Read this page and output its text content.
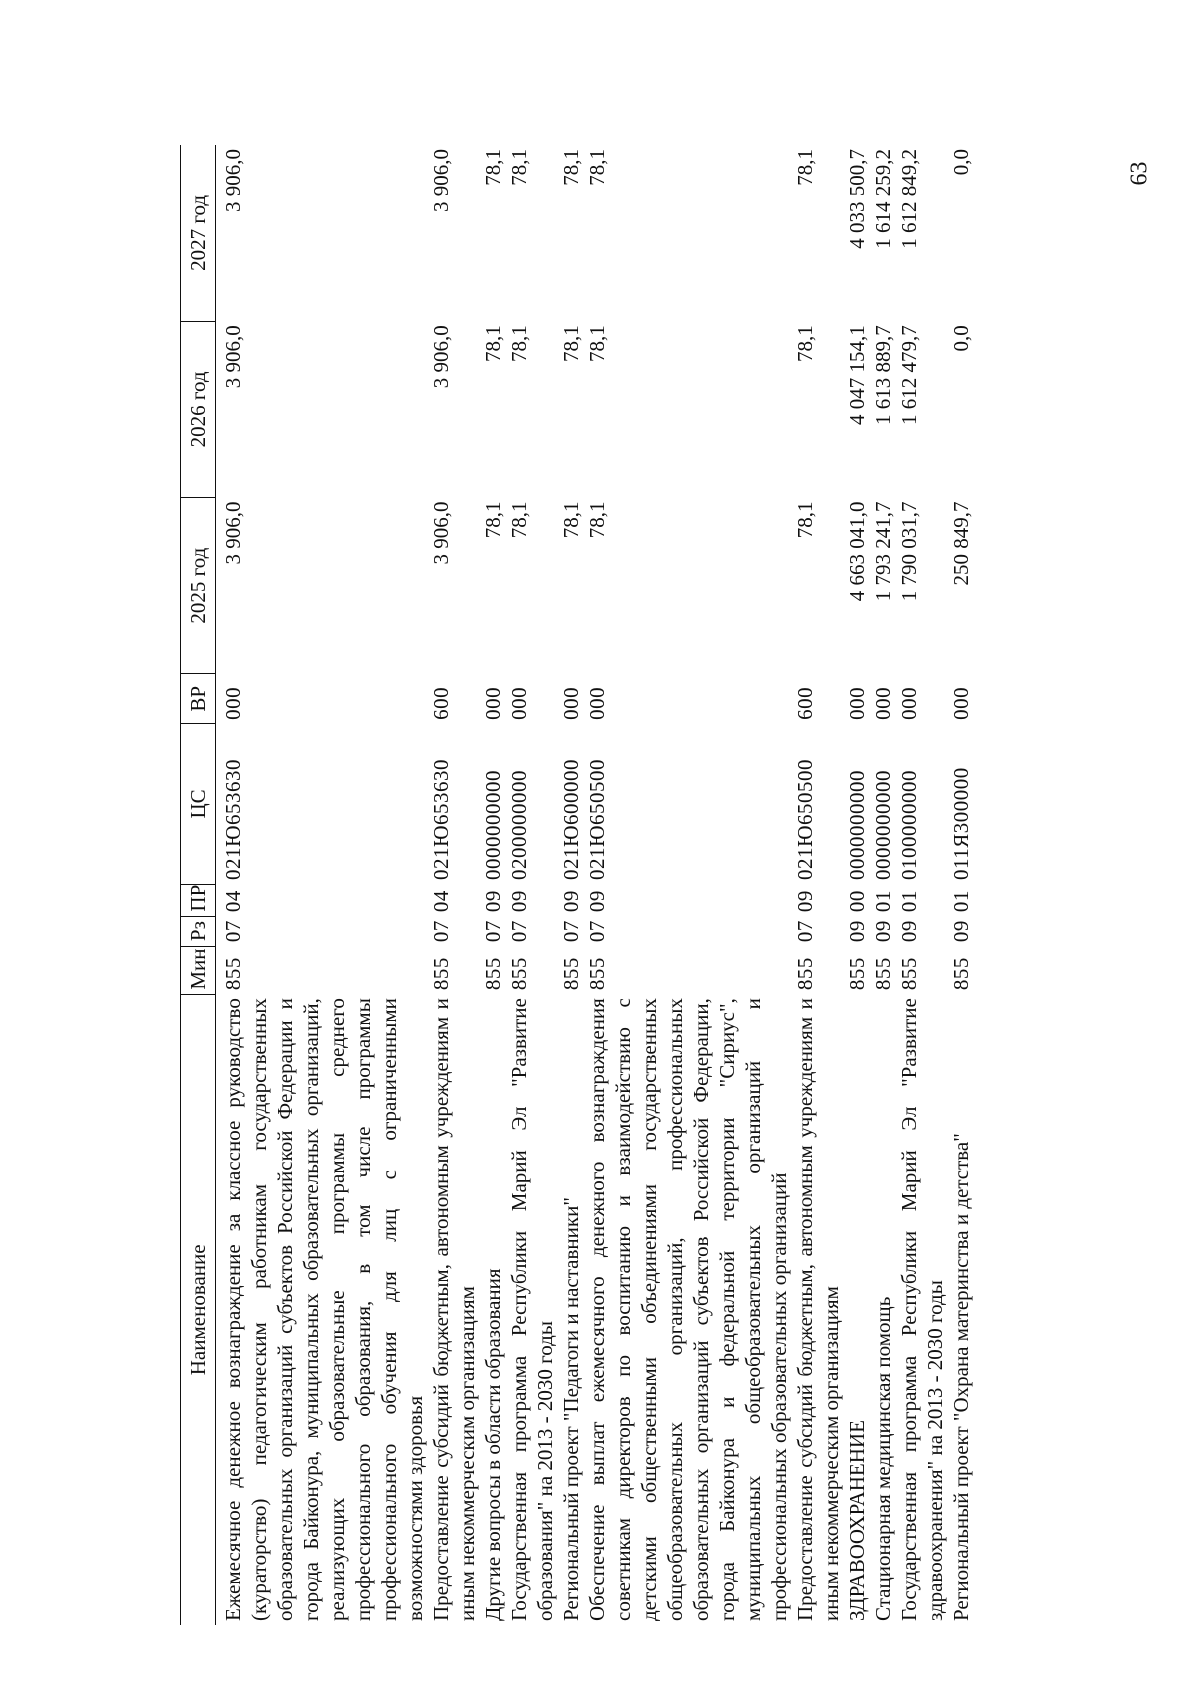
63
Наименование	Мин	Рз	ПР	ЦС	ВР	2025 год	2026 год	2027 год
Ежемесячное денежное вознаграждение за классное руководство (кураторство) педагогическим работникам государственных образовательных организаций субъектов Российской Федерации и города Байконура, муниципальных образовательных организаций, реализующих образовательные программы среднего профессионального образования, в том числе программы профессионального обучения для лиц с ограниченными возможностями здоровья	855	07	04	021Ю653630	000	3 906,0	3 906,0	3 906,0
Предоставление субсидий бюджетным, автономным учреждениям и иным некоммерческим организациям	855	07	04	021Ю653630	600	3 906,0	3 906,0	3 906,0
Другие вопросы в области образования	855	07	09	0000000000	000	78,1	78,1	78,1
Государственная программа Республики Марий Эл "Развитие образования" на 2013 - 2030 годы	855	07	09	0200000000	000	78,1	78,1	78,1
Региональный проект "Педагоги и наставники"	855	07	09	021Ю600000	000	78,1	78,1	78,1
Обеспечение выплат ежемесячного денежного вознаграждения советникам директоров по воспитанию и взаимодействию с детскими общественными объединениями государственных общеобразовательных организаций, профессиональных образовательных организаций субъектов Российской Федерации, города Байконура и федеральной территории "Сириус", муниципальных общеобразовательных организаций и профессиональных образовательных организаций	855	07	09	021Ю650500	000	78,1	78,1	78,1
Предоставление субсидий бюджетным, автономным учреждениям и иным некоммерческим организациям	855	07	09	021Ю650500	600	78,1	78,1	78,1
ЗДРАВООХРАНЕНИЕ	855	09	00	0000000000	000	4 663 041,0	4 047 154,1	4 033 500,7
Стационарная медицинская помощь	855	09	01	0000000000	000	1 793 241,7	1 613 889,7	1 614 259,2
Государственная программа Республики Марий Эл "Развитие здравоохранения" на 2013 - 2030 годы	855	09	01	0100000000	000	1 790 031,7	1 612 479,7	1 612 849,2
Региональный проект "Охрана материнства и детства"	855	09	01	011Я300000	000	250 849,7	0,0	0,0
